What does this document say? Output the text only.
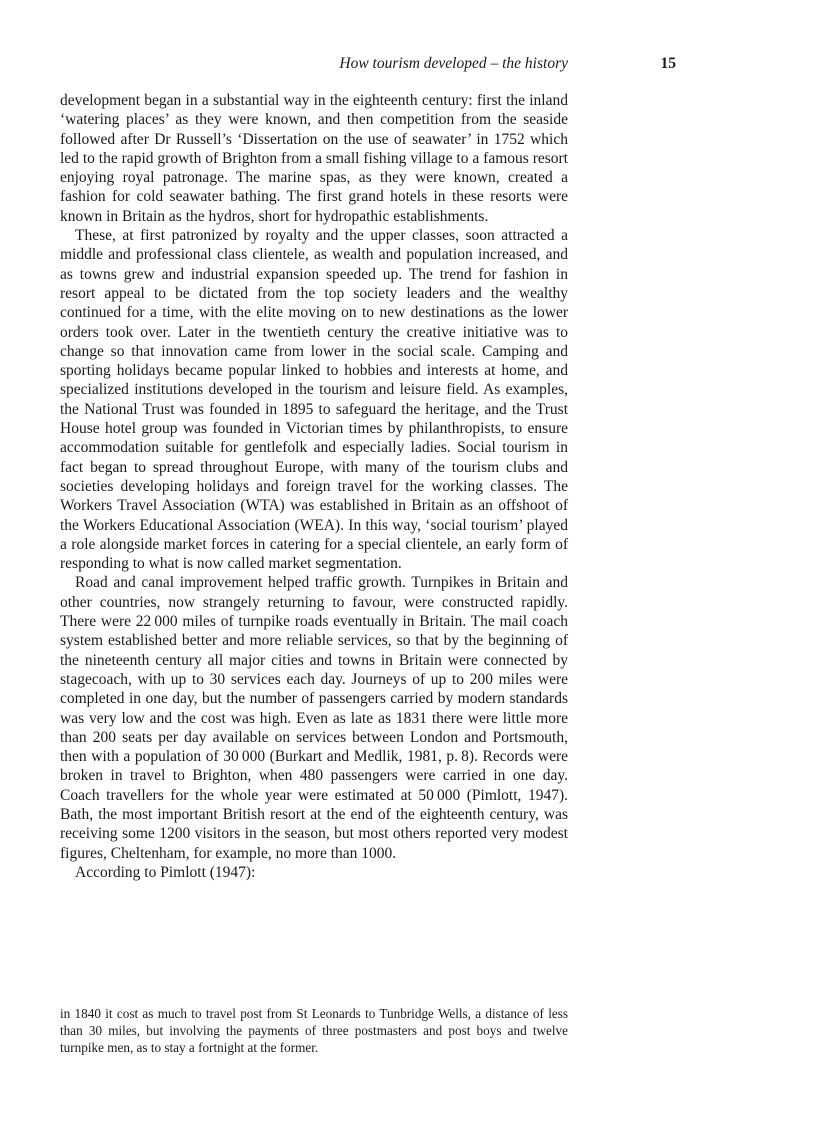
How tourism developed – the history	15

development began in a substantial way in the eighteenth century: first the inland ‘watering places’ as they were known, and then competition from the seaside followed after Dr Russell’s ‘Dissertation on the use of seawater’ in 1752 which led to the rapid growth of Brighton from a small fishing village to a famous resort enjoying royal patronage. The marine spas, as they were known, created a fashion for cold seawater bathing. The first grand hotels in these resorts were known in Britain as the hydros, short for hydropathic establishments.

These, at first patronized by royalty and the upper classes, soon attracted a middle and professional class clientele, as wealth and population increased, and as towns grew and industrial expansion speeded up. The trend for fashion in resort appeal to be dictated from the top society leaders and the wealthy continued for a time, with the elite moving on to new destinations as the lower orders took over. Later in the twentieth century the creative initiative was to change so that innovation came from lower in the social scale. Camping and sporting holidays became popular linked to hobbies and interests at home, and specialized institutions developed in the tourism and leisure field. As examples, the National Trust was founded in 1895 to safeguard the heritage, and the Trust House hotel group was founded in Victorian times by philanthropists, to ensure accommodation suitable for gentlefolk and especially ladies. Social tourism in fact began to spread throughout Europe, with many of the tourism clubs and societies developing holidays and foreign travel for the working classes. The Workers Travel Association (WTA) was established in Britain as an offshoot of the Workers Educational Association (WEA). In this way, ‘social tourism’ played a role alongside market forces in catering for a special clientele, an early form of responding to what is now called market segmentation.

Road and canal improvement helped traffic growth. Turnpikes in Britain and other countries, now strangely returning to favour, were constructed rapidly. There were 22 000 miles of turnpike roads eventually in Britain. The mail coach system established better and more reliable services, so that by the beginning of the nineteenth century all major cities and towns in Britain were connected by stagecoach, with up to 30 services each day. Journeys of up to 200 miles were completed in one day, but the number of passengers carried by modern standards was very low and the cost was high. Even as late as 1831 there were little more than 200 seats per day available on services between London and Portsmouth, then with a population of 30 000 (Burkart and Medlik, 1981, p. 8). Records were broken in travel to Brighton, when 480 passengers were carried in one day. Coach travellers for the whole year were estimated at 50 000 (Pimlott, 1947). Bath, the most important British resort at the end of the eighteenth century, was receiving some 1200 visitors in the season, but most others reported very modest figures, Cheltenham, for example, no more than 1000.

According to Pimlott (1947):

in 1840 it cost as much to travel post from St Leonards to Tunbridge Wells, a distance of less than 30 miles, but involving the payments of three postmasters and post boys and twelve turnpike men, as to stay a fortnight at the former.
